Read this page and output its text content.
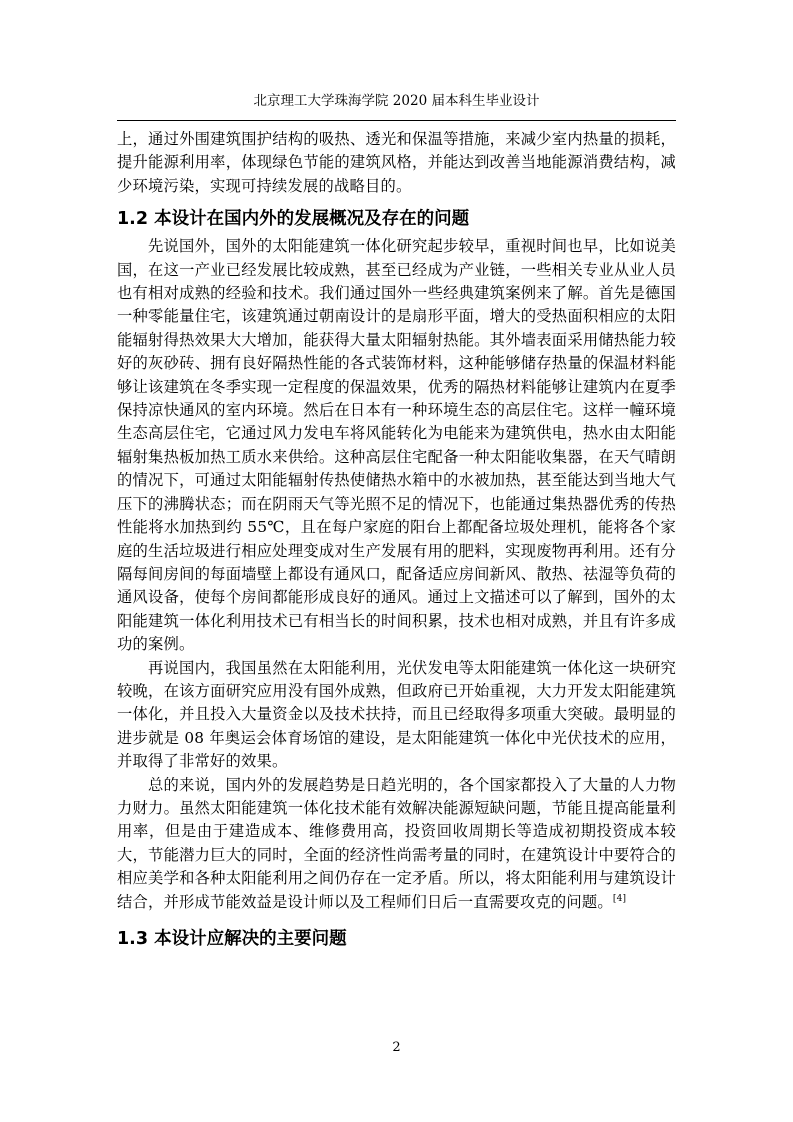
北京理工大学珠海学院 2020 届本科生毕业设计

上，通过外围建筑围护结构的吸热、透光和保温等措施，来减少室内热量的损耗，提升能源利用率，体现绿色节能的建筑风格，并能达到改善当地能源消费结构，减少环境污染，实现可持续发展的战略目的。

1.2 本设计在国内外的发展概况及存在的问题

先说国外，国外的太阳能建筑一体化研究起步较早，重视时间也早，比如说美国，在这一产业已经发展比较成熟，甚至已经成为产业链，一些相关专业从业人员也有相对成熟的经验和技术。我们通过国外一些经典建筑案例来了解。首先是德国一种零能量住宅，该建筑通过朝南设计的是扇形平面，增大的受热面积相应的太阳能辐射得热效果大大增加，能获得大量太阳辐射热能。其外墙表面采用储热能力较好的灰砂砖、拥有良好隔热性能的各式装饰材料，这种能够储存热量的保温材料能够让该建筑在冬季实现一定程度的保温效果，优秀的隔热材料能够让建筑内在夏季保持凉快通风的室内环境。然后在日本有一种环境生态的高层住宅。这样一幢环境生态高层住宅，它通过风力发电车将风能转化为电能来为建筑供电，热水由太阳能辐射集热板加热工质水来供给。这种高层住宅配备一种太阳能收集器，在天气晴朗的情况下，可通过太阳能辐射传热使储热水箱中的水被加热，甚至能达到当地大气压下的沸腾状态；而在阴雨天气等光照不足的情况下，也能通过集热器优秀的传热性能将水加热到约 55℃，且在每户家庭的阳台上都配备垃圾处理机，能将各个家庭的生活垃圾进行相应处理变成对生产发展有用的肥料，实现废物再利用。还有分隔每间房间的每面墙壁上都设有通风口，配备适应房间新风、散热、祛湿等负荷的通风设备，使每个房间都能形成良好的通风。通过上文描述可以了解到，国外的太阳能建筑一体化利用技术已有相当长的时间积累，技术也相对成熟，并且有许多成功的案例。

再说国内，我国虽然在太阳能利用，光伏发电等太阳能建筑一体化这一块研究较晚，在该方面研究应用没有国外成熟，但政府已开始重视，大力开发太阳能建筑一体化，并且投入大量资金以及技术扶持，而且已经取得多项重大突破。最明显的进步就是 08 年奥运会体育场馆的建设，是太阳能建筑一体化中光伏技术的应用，并取得了非常好的效果。

总的来说，国内外的发展趋势是日趋光明的，各个国家都投入了大量的人力物力财力。虽然太阳能建筑一体化技术能有效解决能源短缺问题，节能且提高能量利用率，但是由于建造成本、维修费用高，投资回收周期长等造成初期投资成本较大，节能潜力巨大的同时，全面的经济性尚需考量的同时，在建筑设计中要符合的相应美学和各种太阳能利用之间仍存在一定矛盾。所以，将太阳能利用与建筑设计结合，并形成节能效益是设计师以及工程师们日后一直需要攻克的问题。[4]

1.3 本设计应解决的主要问题
2
